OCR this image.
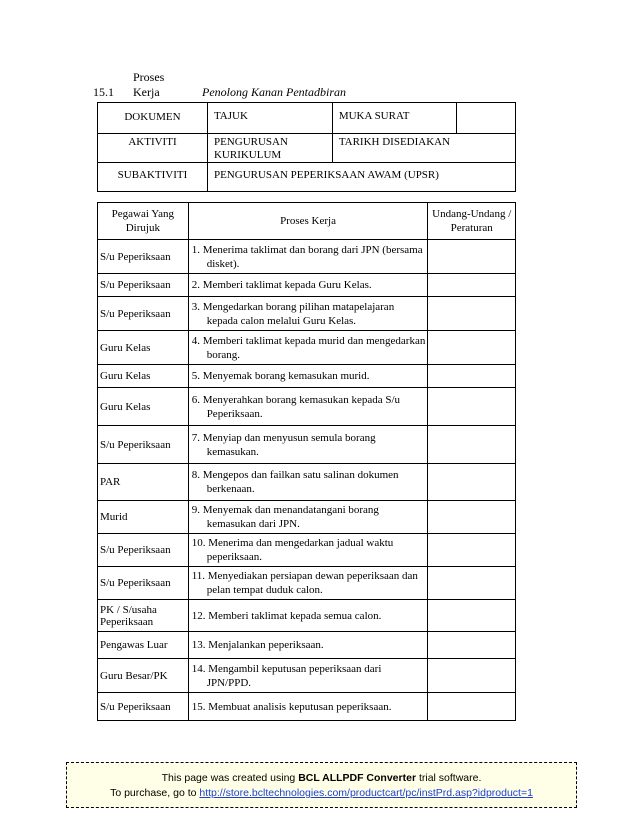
15.1Proses Kerja	Penolong Kanan Pentadbiran
DOKUMEN	TAJUK	MUKA SURAT	
AKTIVITI	PENGURUSAN KURIKULUM	TARIKH DISEDIAKAN	
SUBAKTIVITI	PENGURUSAN PEPERIKSAAN AWAM (UPSR)		
Pegawai Yang Dirujuk	Proses Kerja	Undang-Undang / Peraturan
S/u Peperiksaan	1. Menerima taklimat dan borang dari JPN (bersama disket).	

S/u Peperiksaan	2. Memberi taklimat kepada Guru Kelas.	

S/u Peperiksaan	3. Mengedarkan borang pilihan matapelajaran kepada calon melalui Guru Kelas.	

Guru Kelas	4. Memberi taklimat kepada murid dan mengedarkan borang.	

Guru Kelas	5. Menyemak borang kemasukan murid.	

Guru Kelas	6. Menyerahkan borang kemasukan kepada S/u Peperiksaan.	

S/u Peperiksaan	7. Menyiap dan menyusun semula borang kemasukan.	

PAR	8. Mengepos dan failkan satu salinan dokumen berkenaan.	

Murid	9. Menyemak dan menandatangani borang kemasukan dari JPN.	

S/u Peperiksaan	10. Menerima dan mengedarkan jadual waktu peperiksaan.	

S/u Peperiksaan	11. Menyediakan persiapan dewan peperiksaan dan pelan tempat duduk calon.	

PK / S/usaha Peperiksaan	12. Memberi taklimat kepada semua calon.	

Pengawas Luar	13. Menjalankan peperiksaan.	

Guru Besar/PK	14. Mengambil keputusan peperiksaan dari JPN/PPD.	

S/u Peperiksaan	15. Membuat analisis keputusan peperiksaan.	

This page was created using BCL ALLPDF Converter trial software.
To purchase, go to http://store.bcltechnologies.com/productcart/pc/instPrd.asp?idproduct=1
